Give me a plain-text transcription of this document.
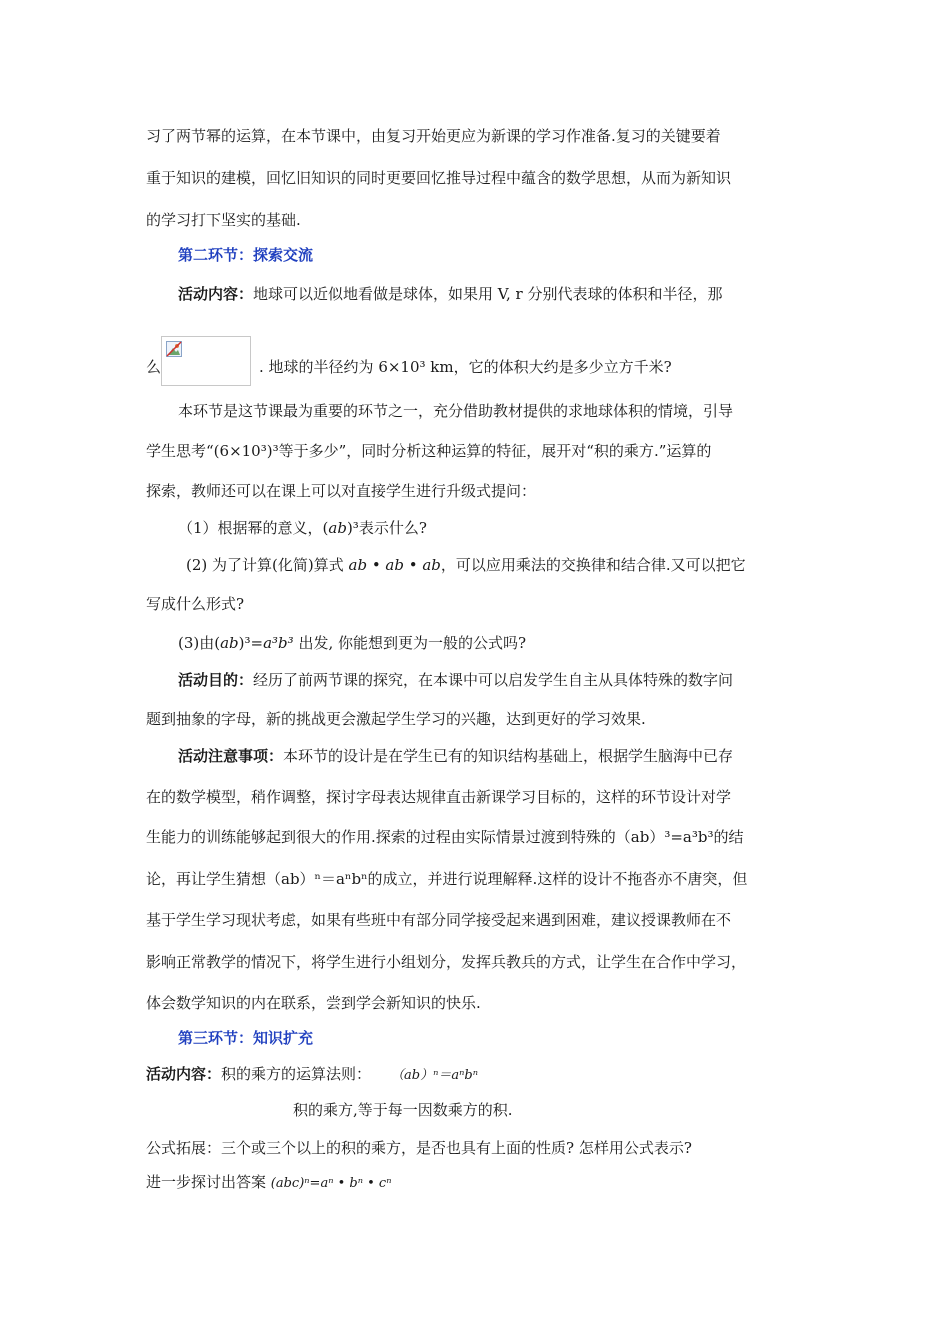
习了两节幂的运算，在本节课中，由复习开始更应为新课的学习作准备.复习的关键要着
重于知识的建模，回忆旧知识的同时更要回忆推导过程中蕴含的数学思想，从而为新知识
的学习打下坚实的基础.
第二环节：探索交流
活动内容：地球可以近似地看做是球体，如果用 V, r 分别代表球的体积和半径，那
么	. 地球的半径约为 6×10³ km，它的体积大约是多少立方千米?
本环节是这节课最为重要的环节之一，充分借助教材提供的求地球体积的情境，引导
学生思考“(6×10³)³等于多少”，同时分析这种运算的特征，展开对“积的乘方.”运算的
探索，教师还可以在课上可以对直接学生进行升级式提问：
（1）根据幂的意义，(ab)³表示什么?
(2) 为了计算(化简)算式 ab • ab • ab，可以应用乘法的交换律和结合律.又可以把它
写成什么形式?
(3)由(ab)³=a³b³ 出发, 你能想到更为一般的公式吗?
活动目的：经历了前两节课的探究，在本课中可以启发学生自主从具体特殊的数字问
题到抽象的字母，新的挑战更会激起学生学习的兴趣，达到更好的学习效果.
活动注意事项：本环节的设计是在学生已有的知识结构基础上，根据学生脑海中已存
在的数学模型，稍作调整，探讨字母表达规律直击新课学习目标的，这样的环节设计对学
生能力的训练能够起到很大的作用.探索的过程由实际情景过渡到特殊的（ab）³=a³b³的结
论，再让学生猜想（ab）ⁿ＝aⁿbⁿ的成立，并进行说理解释.这样的设计不拖沓亦不唐突，但
基于学生学习现状考虑，如果有些班中有部分同学接受起来遇到困难，建议授课教师在不
影响正常教学的情况下，将学生进行小组划分，发挥兵教兵的方式，让学生在合作中学习，
体会数学知识的内在联系，尝到学会新知识的快乐.
第三环节：知识扩充
活动内容：积的乘方的运算法则： （ab）ⁿ＝aⁿbⁿ
积的乘方,等于每一因数乘方的积.
公式拓展：三个或三个以上的积的乘方，是否也具有上面的性质? 怎样用公式表示?
进一步探讨出答案 (abc)ⁿ=aⁿ • bⁿ • cⁿ
